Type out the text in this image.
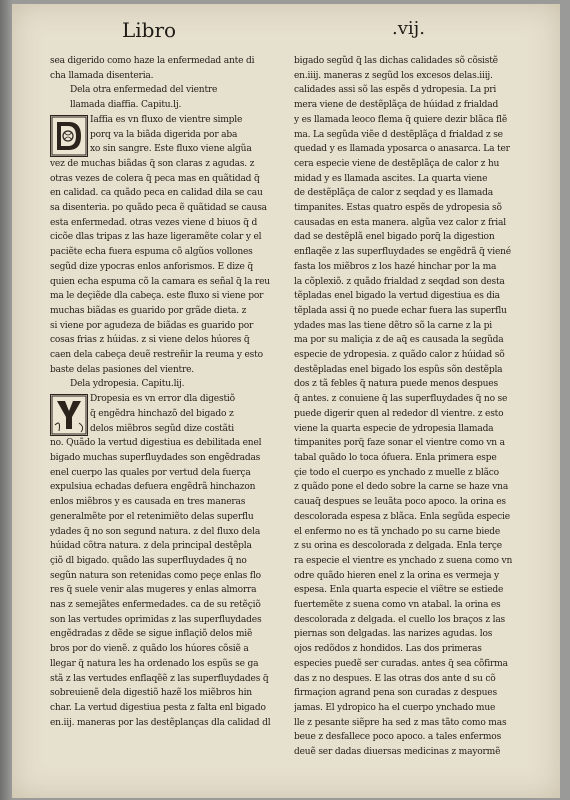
Libro	.vij.
sea digerido como haze la enfermedad ante di
cha llamada disenteria.
Dela otra enfermedad del vientre
llamada diaffia. Capitu.lj.
Iaffia es vn fluxo de vientre simple
porq va la biãda digerida por aba
xo sin sangre. Este fluxo viene algũa
vez de muchas biãdas q̃ son claras z agudas. z
otras vezes de colera q̃ peca mas en quãtidad q̃
en calidad. ca quãdo peca en calidad dila se cau
sa disenteria. po quãdo peca ẽ quãtidad se causa
esta enfermedad. otras vezes viene d biuos q̃ d
cicõe dlas tripas z las haze ligeramẽte colar y el
paciẽte echa fuera espuma cõ algũos vollones
segũd dize ypocras enlos anforismos. E dize q̃
quien echa espuma cõ la camara es señal q̃ la reu
ma le deçiẽde dla cabeça. este fluxo si viene por
muchas biãdas es guarido por grãde dieta. z
si viene por agudeza de biãdas es guarido por
cosas frias z húidas. z si viene delos húores q̃
caen dela cabeça deuẽ restreñir la reuma y esto
baste delas pasiones del vientre.
Dela ydropesia. Capitu.lij.
Dropesia es vn error dla digestiõ
q̃ engẽdra hinchazõ del bigado z
delos miẽbros segũd dize costãti
no. Quãdo la vertud digestiua es debilitada enel
bigado muchas superfluydades son engẽdradas
enel cuerpo las quales por vertud dela fuerça
expulsiua echadas defuera engẽdrã hinchazon
enlos miẽbros y es causada en tres maneras
generalmẽte por el retenimiẽto delas superflu
ydades q̃ no son segund natura. z del fluxo dela
húidad cõtra natura. z dela principal destẽpla
çiõ dl bigado. quãdo las superfluydades q̃ no
segũn natura son retenidas como peçe enlas flo
res q̃ suele venir alas mugeres y enlas almorra
nas z semejãtes enfermedades. ca de su retẽçiõ
son las vertudes oprimidas z las superfluydades
engẽdradas z dẽde se sigue inflaçiõ delos miẽ
bros por do vienẽ. z quãdo los húores cõsiẽ a
llegar q̃ natura les ha ordenado los espũs se ga
stã z las vertudes enflaqẽẽ z las superfluydades q̃
sobreuienẽ dela digestiõ hazẽ los miẽbros hin
char. La vertud digestiua pesta z falta enl bigado
en.iij. maneras por las destẽplanças dla calidad dl
bigado segũd q̃ las dichas calidades sõ cõsistẽ
en.iiij. maneras z segũd los excesos delas.iiij.
calidades assi sõ las espẽs d ydropesia. La pri
mera viene de destẽplãça de húidad z frialdad
y es llamada leoco flema q̃ quiere dezir blãca flẽ
ma. La segũda viẽe d destẽplãça d frialdad z se
quedad y es llamada yposarca o anasarca. La ter
cera especie viene de destẽplãça de calor z hu
midad y es llamada ascites. La quarta viene
de destẽplãça de calor z seqdad y es llamada
timpanites. Estas quatro espẽs de ydropesia sõ
causadas en esta manera. algũa vez calor z frial
dad se destẽplã enel bigado porq̃ la digestion
enflaqẽe z las superfluydades se engẽdrã q̃ viené
fasta los miẽbros z los hazé hinchar por la ma
la cõplexiõ. z quãdo frialdad z seqdad son desta
tẽpladas enel bigado la vertud digestiua es dia
tẽplada assi q̃ no puede echar fuera las superflu
ydades mas las tiene dẽtro sõ la carne z la pi
ma por su maliçia z de aq̃ es causada la segũda
especie de ydropesia. z quãdo calor z húidad sõ
destẽpladas enel bigado los espũs sõn destẽpla
dos z tã febles q̃ natura puede menos despues
q̃ antes. z conuiene q̃ las superfluydades q̃ no se
puede digerir quen al rededor dl vientre. z esto
viene la quarta especie de ydropesia llamada
timpanites porq̃ faze sonar el vientre como vn a
tabal quãdo lo toca ófuera. Enla primera espe
çie todo el cuerpo es ynchado z muelle z blãco
z quãdo pone el dedo sobre la carne se haze vna
cauaq̃ despues se leuãta poco apoco. la orina es
descolorada espesa z blãca. Enla segũda especie
el enfermo no es tã ynchado po su carne biede
z su orina es descolorada z delgada. Enla terçe
ra especie el vientre es ynchado z suena como vn
odre quãdo hieren enel z la orina es vermeja y
espesa. Enla quarta especie el viẽtre se estiede
fuertemẽte z suena como vn atabal. la orina es
descolorada z delgada. el cuello los braços z las
piernas son delgadas. las narizes agudas. los
ojos redõdos z hondidos. Las dos primeras
especies puedẽ ser curadas. antes q̃ sea cõfirma
das z no despues. E las otras dos ante d su cõ
firmaçion agrand pena son curadas z despues
jamas. El ydropico ha el cuerpo ynchado mue
lle z pesante siẽpre ha sed z mas tãto como mas
beue z desfallece poco apoco. a tales enfermos
deuẽ ser dadas diuersas medicinas z mayormẽ
